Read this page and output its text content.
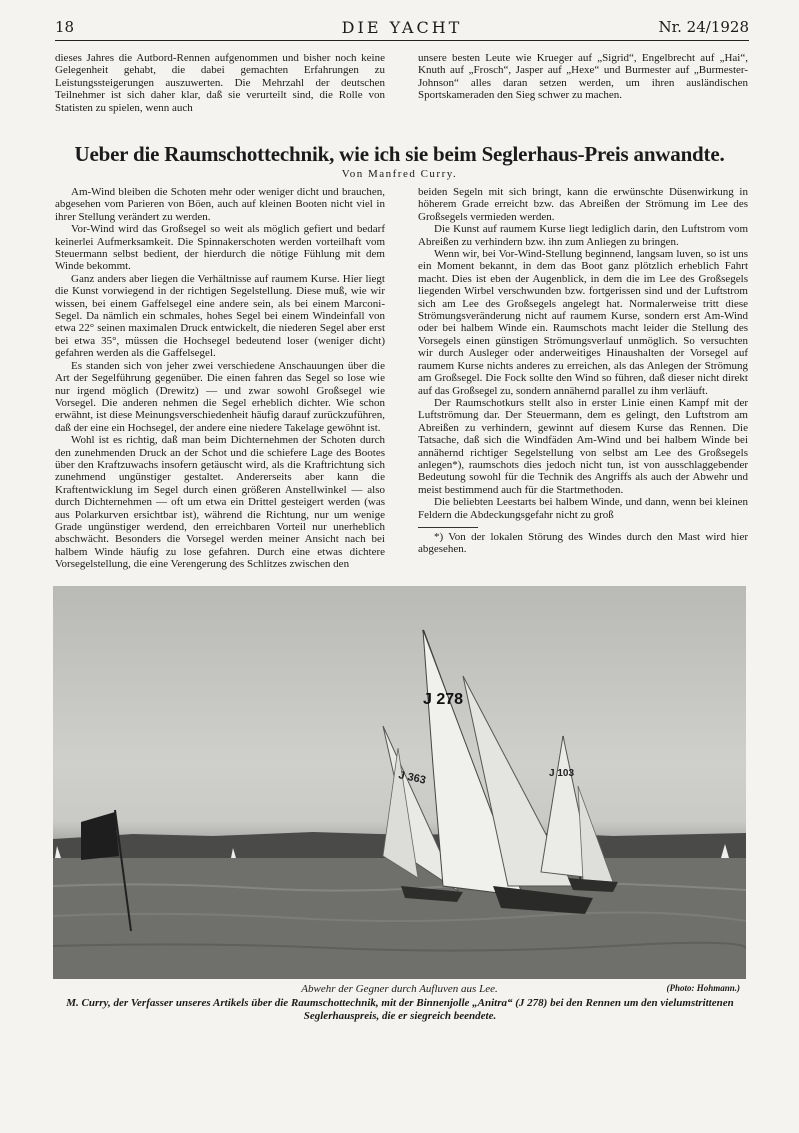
18	DIE YACHT	Nr. 24/1928

dieses Jahres die Autbord-Rennen aufgenommen und bisher noch keine Gelegenheit gehabt, die dabei gemachten Erfahrungen zu Leistungssteigerungen auszuwerten. Die Mehrzahl der deutschen Teilnehmer ist sich daher klar, daß sie verurteilt sind, die Rolle von Statisten zu spielen, wenn auch

unsere besten Leute wie Krueger auf „Sigrid“, Engelbrecht auf „Hai“, Knuth auf „Frosch“, Jasper auf „Hexe“ und Burmester auf „Burmester-Johnson“ alles daran setzen werden, um ihren ausländischen Sportskameraden den Sieg schwer zu machen.

Ueber die Raumschottechnik, wie ich sie beim Seglerhaus-Preis anwandte.
Von Manfred Curry.

Am-Wind bleiben die Schoten mehr oder weniger dicht und brauchen, abgesehen vom Parieren von Böen, auch auf kleinen Booten nicht viel in ihrer Stellung verändert zu werden.

Vor-Wind wird das Großsegel so weit als möglich gefiert und bedarf keinerlei Aufmerksamkeit. Die Spinnakerschoten werden vorteilhaft vom Steuermann selbst bedient, der hierdurch die nötige Fühlung mit dem Winde bekommt.

Ganz anders aber liegen die Verhältnisse auf raumem Kurse. Hier liegt die Kunst vorwiegend in der richtigen Segelstellung. Diese muß, wie wir wissen, bei einem Gaffelsegel eine andere sein, als bei einem Marconi-Segel. Da nämlich ein schmales, hohes Segel bei einem Windeinfall von etwa 22° seinen maximalen Druck entwickelt, die niederen Segel aber erst bei etwa 35°, müssen die Hochsegel bedeutend loser (weniger dicht) gefahren werden als die Gaffelsegel.

Es standen sich von jeher zwei verschiedene Anschauungen über die Art der Segelführung gegenüber. Die einen fahren das Segel so lose wie nur irgend möglich (Drewitz) — und zwar sowohl Großsegel wie Vorsegel. Die anderen nehmen die Segel erheblich dichter. Wie schon erwähnt, ist diese Meinungsverschiedenheit häufig darauf zurückzuführen, daß der eine ein Hochsegel, der andere eine niedere Takelage gewöhnt ist.

Wohl ist es richtig, daß man beim Dichternehmen der Schoten durch den zunehmenden Druck an der Schot und die schiefere Lage des Bootes über den Kraftzuwachs insofern getäuscht wird, als die Kraftrichtung sich zunehmend ungünstiger gestaltet. Andererseits aber kann die Kraftentwicklung im Segel durch einen größeren Anstellwinkel — also durch Dichternehmen — oft um etwa ein Drittel gesteigert werden (was aus Polarkurven ersichtbar ist), während die Richtung, nur um wenige Grade ungünstiger werdend, den erreichbaren Vorteil nur unerheblich abschwächt. Besonders die Vorsegel werden meiner Ansicht nach bei halbem Winde häufig zu lose gefahren. Durch eine etwas dichtere Vorsegelstellung, die eine Verengerung des Schlitzes zwischen den

beiden Segeln mit sich bringt, kann die erwünschte Düsenwirkung in höherem Grade erreicht bzw. das Abreißen der Strömung im Lee des Großsegels vermieden werden.

Die Kunst auf raumem Kurse liegt lediglich darin, den Luftstrom vom Abreißen zu verhindern bzw. ihn zum Anliegen zu bringen.

Wenn wir, bei Vor-Wind-Stellung beginnend, langsam luven, so ist uns ein Moment bekannt, in dem das Boot ganz plötzlich erheblich Fahrt macht. Dies ist eben der Augenblick, in dem die im Lee des Großsegels liegenden Wirbel verschwunden bzw. fortgerissen sind und der Luftstrom sich am Lee des Großsegels angelegt hat. Normalerweise tritt diese Strömungsveränderung nicht auf raumem Kurse, sondern erst Am-Wind oder bei halbem Winde ein. Raumschots macht leider die Stellung des Vorsegels einen günstigen Strömungsverlauf unmöglich. So versuchten wir durch Ausleger oder anderweitiges Hinaushalten der Vorsegel auf raumem Kurse nichts anderes zu erreichen, als das Anlegen der Strömung am Großsegel. Die Fock sollte den Wind so führen, daß dieser nicht direkt auf das Großsegel zu, sondern annähernd parallel zu ihm verläuft.

Der Raumschotkurs stellt also in erster Linie einen Kampf mit der Luftströmung dar. Der Steuermann, dem es gelingt, den Luftstrom am Abreißen zu verhindern, gewinnt auf diesem Kurse das Rennen. Die Tatsache, daß sich die Windfäden Am-Wind und bei halbem Winde bei annähernd richtiger Segelstellung von selbst am Lee des Großsegels anlegen*), raumschots dies jedoch nicht tun, ist von ausschlaggebender Bedeutung sowohl für die Technik des Angriffs als auch der Abwehr und meist bestimmend auch für die Startmethoden.

Die beliebten Leestarts bei halbem Winde, und dann, wenn bei kleinen Feldern die Abdeckungsgefahr nicht zu groß

*) Von der lokalen Störung des Windes durch den Mast wird hier abgesehen.

J 363
J 278
J 103
Abwehr der Gegner durch Aufluven aus Lee.	(Photo: Hohmann.)
M. Curry, der Verfasser unseres Artikels über die Raumschottechnik, mit der Binnenjolle „Anitra“ (J 278) bei den Rennen um den vielumstrittenen Seglerhauspreis, die er siegreich beendete.
